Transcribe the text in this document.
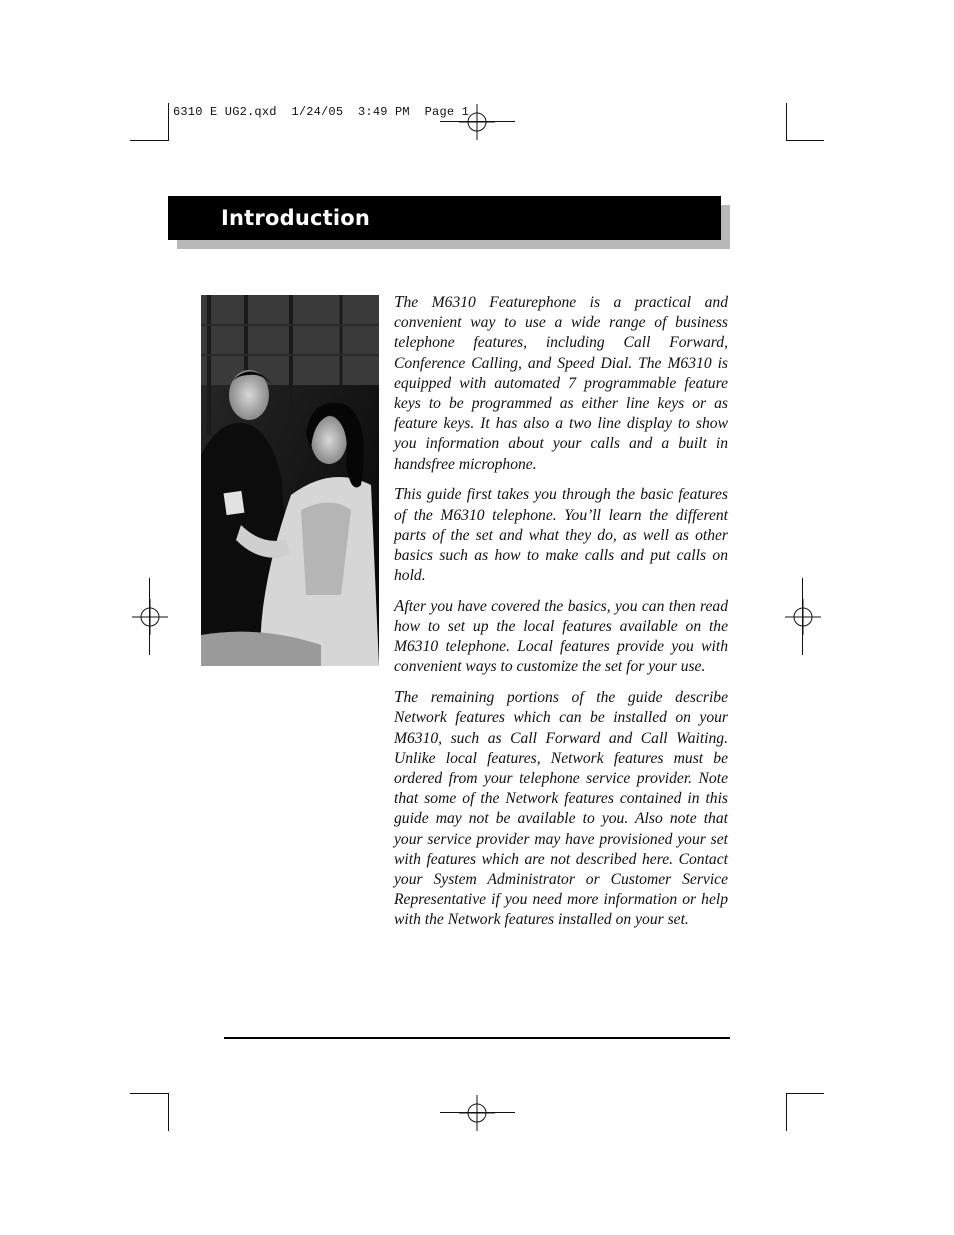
6310 E UG2.qxd  1/24/05  3:49 PM  Page 1
Introduction

The M6310 Featurephone is a practical and convenient way to use a wide range of business telephone features, including Call Forward, Conference Calling, and Speed Dial. The M6310 is equipped with automated 7 programmable feature keys to be programmed as either line keys or as feature keys. It has also a two line display to show you information about your calls and a built in handsfree microphone.

This guide first takes you through the basic features of the M6310 telephone. You’ll learn the different parts of the set and what they do, as well as other basics such as how to make calls and put calls on hold.

After you have covered the basics, you can then read how to set up the local features available on the M6310 telephone. Local features provide you with convenient ways to customize the set for your use.

The remaining portions of the guide describe Network features which can be installed on your M6310, such as Call Forward and Call Waiting. Unlike local features, Network features must be ordered from your telephone service provider. Note that some of the Network features contained in this guide may not be available to you. Also note that your service provider may have provisioned your set with features which are not described here. Contact your System Administrator or Customer Service Representative if you need more information or help with the Network features installed on your set.
